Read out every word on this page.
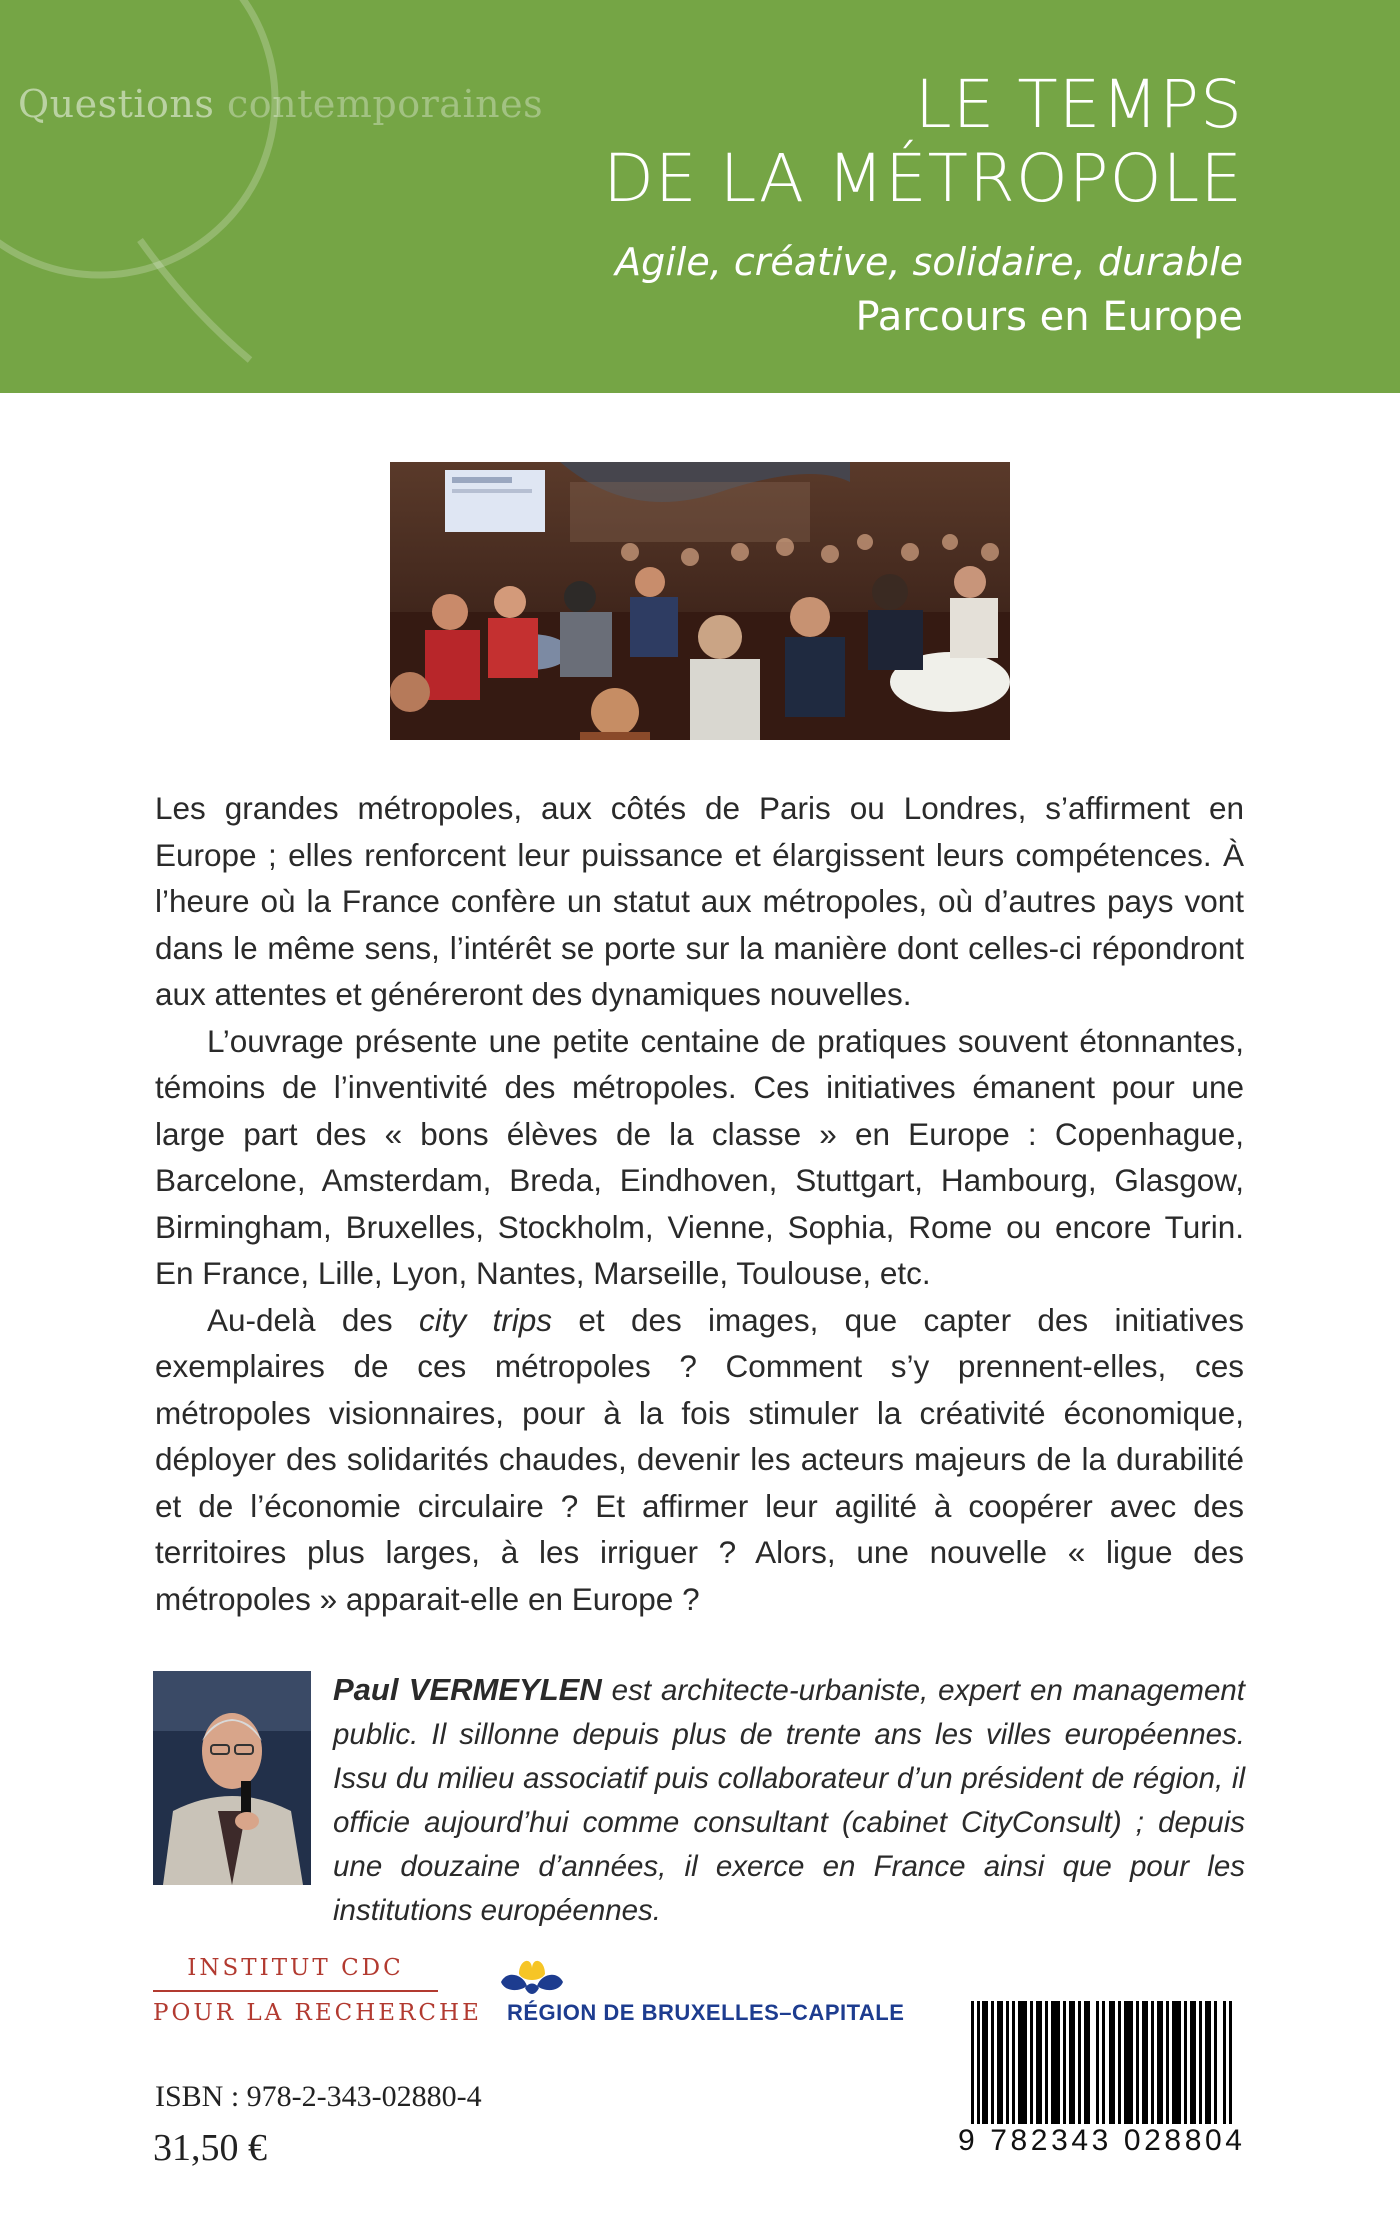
Questions contemporaines	LE TEMPS
DE LA MÉTROPOLE
Agile, créative, solidaire, durable
Parcours en Europe

Les grandes métropoles, aux côtés de Paris ou Londres, s’affirment en Europe ; elles renforcent leur puissance et élargissent leurs compétences. À l’heure où la France confère un statut aux métropoles, où d’autres pays vont dans le même sens, l’intérêt se porte sur la manière dont celles-ci répondront aux attentes et généreront des dynamiques nouvelles.

L’ouvrage présente une petite centaine de pratiques souvent étonnantes, témoins de l’inventivité des métropoles. Ces initiatives émanent pour une large part des « bons élèves de la classe » en Europe : Copenhague, Barcelone, Amsterdam, Breda, Eindhoven, Stuttgart, Hambourg, Glasgow, Birmingham, Bruxelles, Stockholm, Vienne, Sophia, Rome ou encore Turin. En France, Lille, Lyon, Nantes, Marseille, Toulouse, etc.

Au-delà des city trips et des images, que capter des initiatives exemplaires de ces métropoles ? Comment s’y prennent-elles, ces métropoles visionnaires, pour à la fois stimuler la créativité économique, déployer des solidarités chaudes, devenir les acteurs majeurs de la durabilité et de l’économie circulaire ? Et affirmer leur agilité à coopérer avec des territoires plus larges, à les irriguer ? Alors, une nouvelle « ligue des métropoles » apparait-elle en Europe ?

Paul VERMEYLEN est architecte-urbaniste, expert en management public. Il sillonne depuis plus de trente ans les villes européennes. Issu du milieu associatif puis collaborateur d’un président de région, il officie aujourd’hui comme consultant (cabinet CityConsult) ; depuis une douzaine d’années, il exerce en France ainsi que pour les institutions européennes.
INSTITUT CDC
POUR LA RECHERCHE RÉGION DE BRUXELLES–CAPITALE
ISBN : 978-2-343-02880-4
31,50 €	9 782343 028804
